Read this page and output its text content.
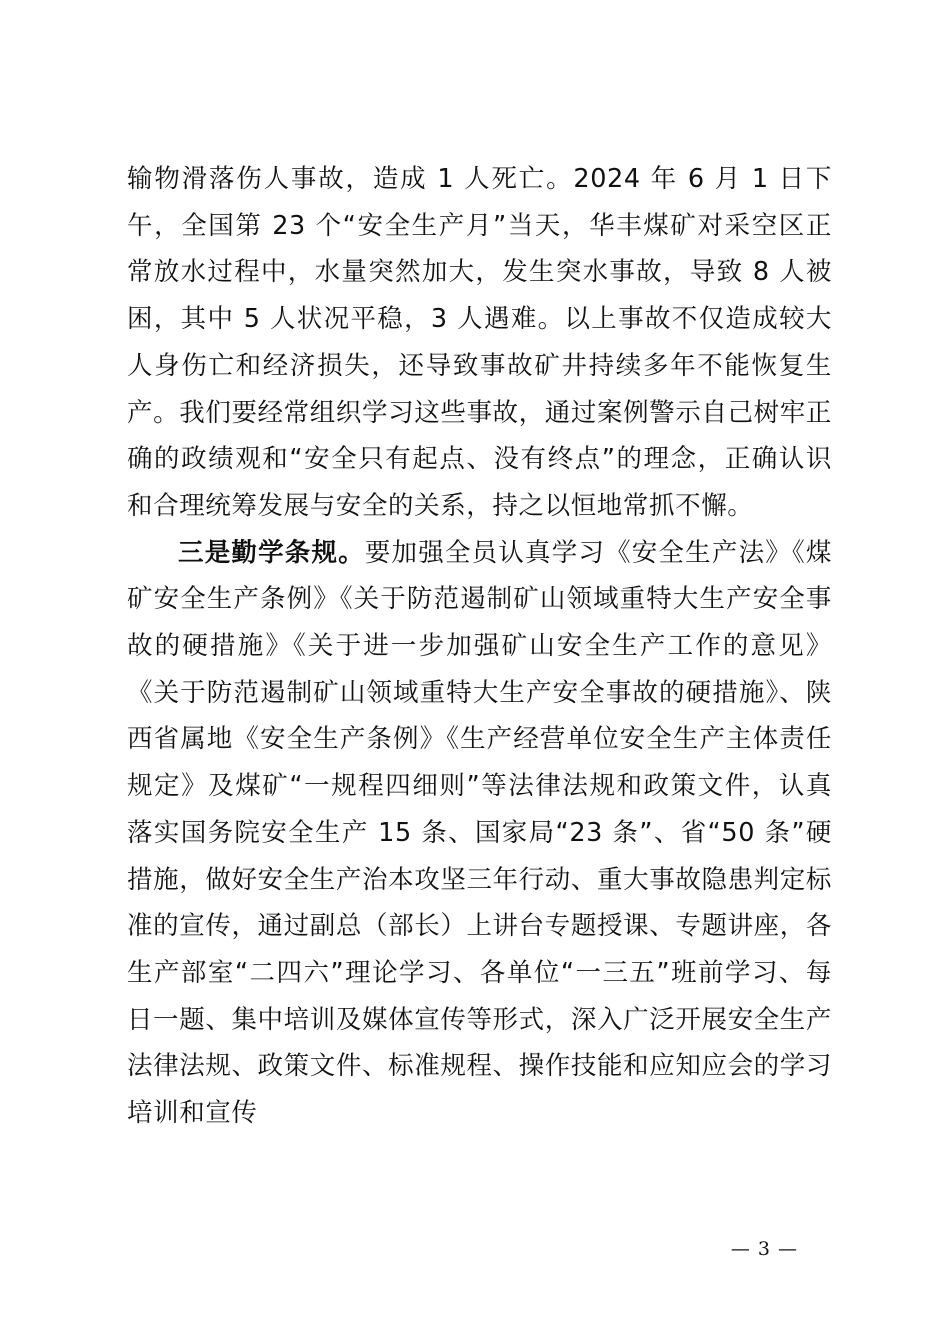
输物滑落伤人事故，造成 1 人死亡。2024 年 6 月 1 日下午，全国第 23 个“安全生产月”当天，华丰煤矿对采空区正常放水过程中，水量突然加大，发生突水事故，导致 8 人被困，其中 5 人状况平稳，3 人遇难。以上事故不仅造成较大人身伤亡和经济损失，还导致事故矿井持续多年不能恢复生产。我们要经常组织学习这些事故，通过案例警示自己树牢正确的政绩观和“安全只有起点、没有终点”的理念，正确认识和合理统筹发展与安全的关系，持之以恒地常抓不懈。

三是勤学条规。要加强全员认真学习《安全生产法》《煤矿安全生产条例》《关于防范遏制矿山领域重特大生产安全事故的硬措施》《关于进一步加强矿山安全生产工作的意见》《关于防范遏制矿山领域重特大生产安全事故的硬措施》、陕西省属地《安全生产条例》《生产经营单位安全生产主体责任规定》及煤矿“一规程四细则”等法律法规和政策文件，认真落实国务院安全生产 15 条、国家局“23 条”、省“50 条”硬措施，做好安全生产治本攻坚三年行动、重大事故隐患判定标准的宣传，通过副总（部长）上讲台专题授课、专题讲座，各生产部室“二四六”理论学习、各单位“一三五”班前学习、每日一题、集中培训及媒体宣传等形式，深入广泛开展安全生产法律法规、政策文件、标准规程、操作技能和应知应会的学习培训和宣传

— 3 —
